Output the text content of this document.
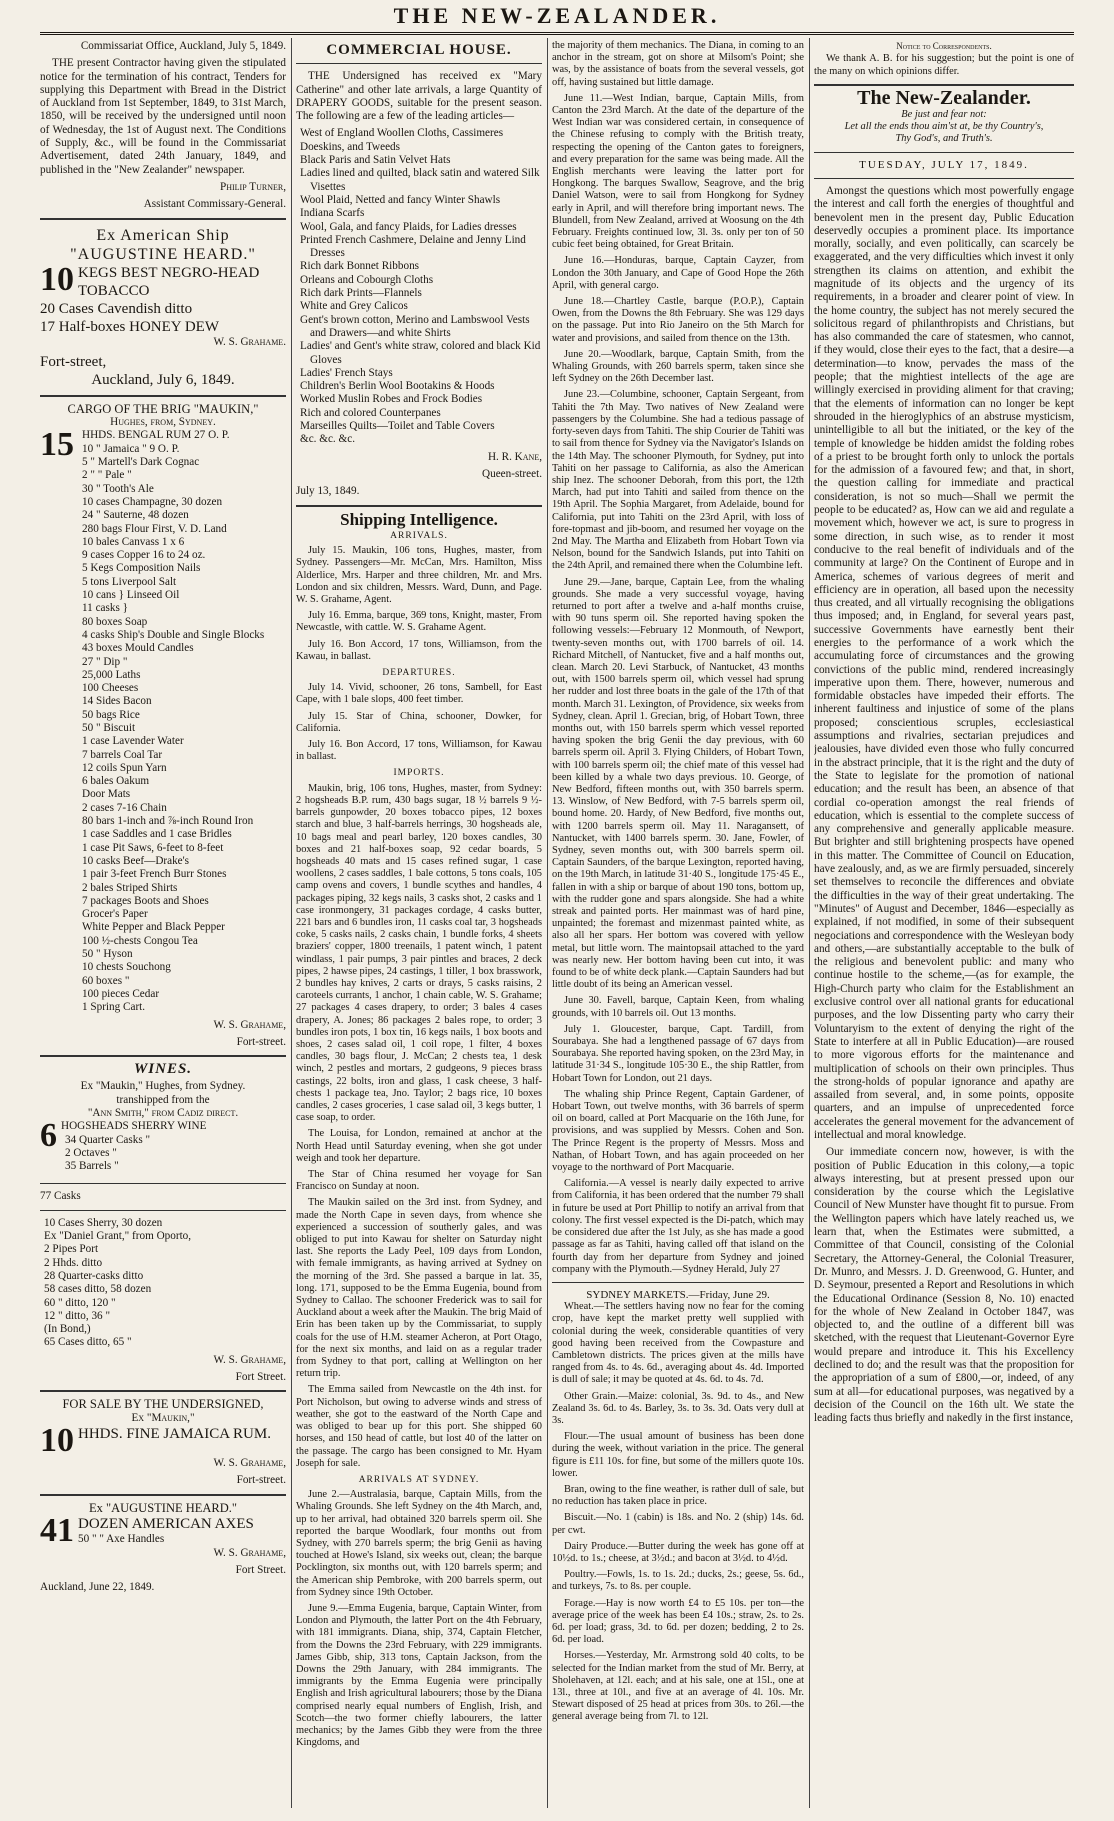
THE NEW-ZEALANDER.

Commissariat Office, Auckland, July 5, 1849.

THE present Contractor having given the stipulated notice for the termination of his contract, Tenders for supplying this Department with Bread in the District of Auckland from 1st September, 1849, to 31st March, 1850, will be received by the undersigned until noon of Wednesday, the 1st of August next. The Conditions of Supply, &c., will be found in the Commissariat Advertisement, dated 24th January, 1849, and published in the "New Zealander" newspaper.

Philip Turner,

Assistant Commissary-General.

Ex American Ship
"AUGUSTINE HEARD."
10 KEGS BEST NEGRO-HEAD TOBACCO
20 Cases Cavendish ditto
17 Half-boxes HONEY DEW

W. S. Grahame.

Fort-street,
Auckland, July 6, 1849.
CARGO OF THE BRIG "MAUKIN,"
Hughes, from, Sydney.
15 HHDS. BENGAL RUM 27 O. P.
10 " Jamaica " 9 O. P.
5 " Martell's Dark Cognac
2 " " Pale "
30 " Tooth's Ale
10 cases Champagne, 30 dozen
24 " Sauterne, 48 dozen
280 bags Flour First, V. D. Land
10 bales Canvass 1 x 6
9 cases Copper 16 to 24 oz.
5 Kegs Composition Nails
5 tons Liverpool Salt
10 cans } Linseed Oil
11 casks }
80 boxes Soap
4 casks Ship's Double and Single Blocks
43 boxes Mould Candles
27 " Dip "
25,000 Laths
100 Cheeses
14 Sides Bacon
50 bags Rice
50 " Biscuit
1 case Lavender Water
7 barrels Coal Tar
12 coils Spun Yarn
6 bales Oakum
Door Mats
2 cases 7-16 Chain
80 bars 1-inch and ⅞-inch Round Iron
1 case Saddles and 1 case Bridles
1 case Pit Saws, 6-feet to 8-feet
10 casks Beef—Drake's
1 pair 3-feet French Burr Stones
2 bales Striped Shirts
7 packages Boots and Shoes
Grocer's Paper
White Pepper and Black Pepper
100 ½-chests Congou Tea
50 " Hyson
10 chests Souchong
60 boxes "
100 pieces Cedar
1 Spring Cart.

W. S. Grahame,

Fort-street.

WINES.
Ex "Maukin," Hughes, from Sydney.
transhipped from the
"Ann Smith," from Cadiz direct.
6 HOGSHEADS SHERRY WINE
34 Quarter Casks "
2 Octaves "
35 Barrels "
77 Casks
10 Cases Sherry, 30 dozen
Ex "Daniel Grant," from Oporto,
2 Pipes Port
2 Hhds. ditto
28 Quarter-casks ditto
58 cases ditto, 58 dozen
60 " ditto, 120 "
12 " ditto, 36 "
(In Bond,)
65 Cases ditto, 65 "

W. S. Grahame,

Fort Street.

FOR SALE BY THE UNDERSIGNED,
Ex "Maukin,"
10 HHDS. FINE JAMAICA RUM.

W. S. Grahame,

Fort-street.

Ex "AUGUSTINE HEARD."
41 DOZEN AMERICAN AXES
50 " " Axe Handles

W. S. Grahame,

Fort Street.

Auckland, June 22, 1849.

COMMERCIAL HOUSE.

THE Undersigned has received ex "Mary Catherine" and other late arrivals, a large Quantity of DRAPERY GOODS, suitable for the present season. The following are a few of the leading articles—

West of England Woollen Cloths, Cassimeres
Doeskins, and Tweeds
Black Paris and Satin Velvet Hats
Ladies lined and quilted, black satin and watered Silk Visettes
Wool Plaid, Netted and fancy Winter Shawls
Indiana Scarfs
Wool, Gala, and fancy Plaids, for Ladies dresses
Printed French Cashmere, Delaine and Jenny Lind Dresses
Rich dark Bonnet Ribbons
Orleans and Cobourgh Cloths
Rich dark Prints—Flannels
White and Grey Calicos
Gent's brown cotton, Merino and Lambswool Vests and Drawers—and white Shirts
Ladies' and Gent's white straw, colored and black Kid Gloves
Ladies' French Stays
Children's Berlin Wool Bootakins & Hoods
Worked Muslin Robes and Frock Bodies
Rich and colored Counterpanes
Marseilles Quilts—Toilet and Table Covers
&c. &c. &c.

H. R. Kane,

Queen-street.

July 13, 1849.

Shipping Intelligence.
ARRIVALS.

July 15. Maukin, 106 tons, Hughes, master, from Sydney. Passengers—Mr. McCan, Mrs. Hamilton, Miss Alderlice, Mrs. Harper and three children, Mr. and Mrs. London and six children, Messrs. Ward, Dunn, and Page. W. S. Grahame, Agent.

July 16. Emma, barque, 369 tons, Knight, master, From Newcastle, with cattle. W. S. Grahame Agent.

July 16. Bon Accord, 17 tons, Williamson, from the Kawau, in ballast.

DEPARTURES.

July 14. Vivid, schooner, 26 tons, Sambell, for East Cape, with 1 bale slops, 400 feet timber.

July 15. Star of China, schooner, Dowker, for California.

July 16. Bon Accord, 17 tons, Williamson, for Kawau in ballast.

IMPORTS.

Maukin, brig, 106 tons, Hughes, master, from Sydney: 2 hogsheads B.P. rum, 430 bags sugar, 18 ½ barrels 9 ½-barrels gunpowder, 20 boxes tobacco pipes, 12 boxes starch and blue, 3 half-barrels herrings, 30 hogsheads ale, 10 bags meal and pearl barley, 120 boxes candles, 30 boxes and 21 half-boxes soap, 92 cedar boards, 5 hogsheads 40 mats and 15 cases refined sugar, 1 case woollens, 2 cases saddles, 1 bale cottons, 5 tons coals, 105 camp ovens and covers, 1 bundle scythes and handles, 4 packages piping, 32 kegs nails, 3 casks shot, 2 casks and 1 case ironmongery, 31 packages cordage, 4 casks butter, 221 bars and 6 bundles iron, 11 casks coal tar, 3 hogsheads coke, 5 casks nails, 2 casks chain, 1 bundle forks, 4 sheets braziers' copper, 1800 treenails, 1 patent winch, 1 patent windlass, 1 pair pumps, 3 pair pintles and braces, 2 deck pipes, 2 hawse pipes, 24 castings, 1 tiller, 1 box brasswork, 2 bundles hay knives, 2 carts or drays, 5 casks raisins, 2 caroteels currants, 1 anchor, 1 chain cable, W. S. Grahame; 27 packages 4 cases drapery, to order; 3 bales 4 cases drapery, A. Jones; 86 packages 2 bales rope, to order; 3 bundles iron pots, 1 box tin, 16 kegs nails, 1 box boots and shoes, 2 cases salad oil, 1 coil rope, 1 filter, 4 boxes candles, 30 bags flour, J. McCan; 2 chests tea, 1 desk winch, 2 pestles and mortars, 2 gudgeons, 9 pieces brass castings, 22 bolts, iron and glass, 1 cask cheese, 3 half-chests 1 package tea, Jno. Taylor; 2 bags rice, 10 boxes candles, 2 cases groceries, 1 case salad oil, 3 kegs butter, 1 case soap, to order.

The Louisa, for London, remained at anchor at the North Head until Saturday evening, when she got under weigh and took her departure.

The Star of China resumed her voyage for San Francisco on Sunday at noon.

The Maukin sailed on the 3rd inst. from Sydney, and made the North Cape in seven days, from whence she experienced a succession of southerly gales, and was obliged to put into Kawau for shelter on Saturday night last. She reports the Lady Peel, 109 days from London, with female immigrants, as having arrived at Sydney on the morning of the 3rd. She passed a barque in lat. 35, long. 171, supposed to be the Emma Eugenia, bound from Sydney to Callao. The schooner Frederick was to sail for Auckland about a week after the Maukin. The brig Maid of Erin has been taken up by the Commissariat, to supply coals for the use of H.M. steamer Acheron, at Port Otago, for the next six months, and laid on as a regular trader from Sydney to that port, calling at Wellington on her return trip.

The Emma sailed from Newcastle on the 4th inst. for Port Nicholson, but owing to adverse winds and stress of weather, she got to the eastward of the North Cape and was obliged to bear up for this port. She shipped 60 horses, and 150 head of cattle, but lost 40 of the latter on the passage. The cargo has been consigned to Mr. Hyam Joseph for sale.

ARRIVALS AT SYDNEY.

June 2.—Australasia, barque, Captain Mills, from the Whaling Grounds. She left Sydney on the 4th March, and, up to her arrival, had obtained 320 barrels sperm oil. She reported the barque Woodlark, four months out from Sydney, with 270 barrels sperm; the brig Genii as having touched at Howe's Island, six weeks out, clean; the barque Pocklington, six months out, with 120 barrels sperm; and the American ship Pembroke, with 200 barrels sperm, out from Sydney since 19th October.

June 9.—Emma Eugenia, barque, Captain Winter, from London and Plymouth, the latter Port on the 4th February, with 181 immigrants. Diana, ship, 374, Captain Fletcher, from the Downs the 23rd February, with 229 immigrants. James Gibb, ship, 313 tons, Captain Jackson, from the Downs the 29th January, with 284 immigrants. The immigrants by the Emma Eugenia were principally English and Irish agricultural labourers; those by the Diana comprised nearly equal numbers of English, Irish, and Scotch—the two former chiefly labourers, the latter mechanics; by the James Gibb they were from the three Kingdoms, and

the majority of them mechanics. The Diana, in coming to an anchor in the stream, got on shore at Milsom's Point; she was, by the assistance of boats from the several vessels, got off, having sustained but little damage.

June 11.—West Indian, barque, Captain Mills, from Canton the 23rd March. At the date of the departure of the West Indian war was considered certain, in consequence of the Chinese refusing to comply with the British treaty, respecting the opening of the Canton gates to foreigners, and every preparation for the same was being made. All the English merchants were leaving the latter port for Hongkong. The barques Swallow, Seagrove, and the brig Daniel Watson, were to sail from Hongkong for Sydney early in April, and will therefore bring important news. The Blundell, from New Zealand, arrived at Woosung on the 4th February. Freights continued low, 3l. 3s. only per ton of 50 cubic feet being obtained, for Great Britain.

June 16.—Honduras, barque, Captain Cayzer, from London the 30th January, and Cape of Good Hope the 26th April, with general cargo.

June 18.—Chartley Castle, barque (P.O.P.), Captain Owen, from the Downs the 8th February. She was 129 days on the passage. Put into Rio Janeiro on the 5th March for water and provisions, and sailed from thence on the 13th.

June 20.—Woodlark, barque, Captain Smith, from the Whaling Grounds, with 260 barrels sperm, taken since she left Sydney on the 26th December last.

June 23.—Columbine, schooner, Captain Sergeant, from Tahiti the 7th May. Two natives of New Zealand were passengers by the Columbine. She had a tedious passage of forty-seven days from Tahiti. The ship Courier de Tahiti was to sail from thence for Sydney via the Navigator's Islands on the 14th May. The schooner Plymouth, for Sydney, put into Tahiti on her passage to California, as also the American ship Inez. The schooner Deborah, from this port, the 12th March, had put into Tahiti and sailed from thence on the 19th April. The Sophia Margaret, from Adelaide, bound for California, put into Tahiti on the 23rd April, with loss of fore-topmast and jib-boom, and resumed her voyage on the 2nd May. The Martha and Elizabeth from Hobart Town via Nelson, bound for the Sandwich Islands, put into Tahiti on the 24th April, and remained there when the Columbine left.

June 29.—Jane, barque, Captain Lee, from the whaling grounds. She made a very successful voyage, having returned to port after a twelve and a-half months cruise, with 90 tuns sperm oil. She reported having spoken the following vessels:—February 12 Monmouth, of Newport, twenty-seven months out, with 1700 barrels of oil. 14. Richard Mitchell, of Nantucket, five and a half months out, clean. March 20. Levi Starbuck, of Nantucket, 43 months out, with 1500 barrels sperm oil, which vessel had sprung her rudder and lost three boats in the gale of the 17th of that month. March 31. Lexington, of Providence, six weeks from Sydney, clean. April 1. Grecian, brig, of Hobart Town, three months out, with 150 barrels sperm which vessel reported having spoken the brig Genii the day previous, with 60 barrels sperm oil. April 3. Flying Childers, of Hobart Town, with 100 barrels sperm oil; the chief mate of this vessel had been killed by a whale two days previous. 10. George, of New Bedford, fifteen months out, with 350 barrels sperm. 13. Winslow, of New Bedford, with 7-5 barrels sperm oil, bound home. 20. Hardy, of New Bedford, five months out, with 1200 barrels sperm oil. May 11. Naragansett, of Nantucket, with 1400 barrels sperm. 30. Jane, Fowler, of Sydney, seven months out, with 300 barrels sperm oil. Captain Saunders, of the barque Lexington, reported having, on the 19th March, in latitude 31·40 S., longitude 175·45 E., fallen in with a ship or barque of about 190 tons, bottom up, with the rudder gone and spars alongside. She had a white streak and painted ports. Her mainmast was of hard pine, unpainted; the foremast and mizenmast painted white, as also all her spars. Her bottom was covered with yellow metal, but little worn. The maintopsail attached to the yard was nearly new. Her bottom having been cut into, it was found to be of white deck plank.—Captain Saunders had but little doubt of its being an American vessel.

June 30. Favell, barque, Captain Keen, from whaling grounds, with 10 barrels oil. Out 13 months.

July 1. Gloucester, barque, Capt. Tardill, from Sourabaya. She had a lengthened passage of 67 days from Sourabaya. She reported having spoken, on the 23rd May, in latitude 31·34 S., longitude 105·30 E., the ship Rattler, from Hobart Town for London, out 21 days.

The whaling ship Prince Regent, Captain Gardener, of Hobart Town, out twelve months, with 36 barrels of sperm oil on board, called at Port Macquarie on the 16th June, for provisions, and was supplied by Messrs. Cohen and Son. The Prince Regent is the property of Messrs. Moss and Nathan, of Hobart Town, and has again proceeded on her voyage to the northward of Port Macquarie.

California.—A vessel is nearly daily expected to arrive from California, it has been ordered that the number 79 shall in future be used at Port Phillip to notify an arrival from that colony. The first vessel expected is the Di-patch, which may be considered due after the 1st July, as she has made a good passage as far as Tahiti, having called off that island on the fourth day from her departure from Sydney and joined company with the Plymouth.—Sydney Herald, July 27

SYDNEY MARKETS.—Friday, June 29.

Wheat.—The settlers having now no fear for the coming crop, have kept the market pretty well supplied with colonial during the week, considerable quantities of very good having been received from the Cowpasture and Cambletown districts. The prices given at the mills have ranged from 4s. to 4s. 6d., averaging about 4s. 4d. Imported is dull of sale; it may be quoted at 4s. 6d. to 4s. 7d.

Other Grain.—Maize: colonial, 3s. 9d. to 4s., and New Zealand 3s. 6d. to 4s. Barley, 3s. to 3s. 3d. Oats very dull at 3s.

Flour.—The usual amount of business has been done during the week, without variation in the price. The general figure is £11 10s. for fine, but some of the millers quote 10s. lower.

Bran, owing to the fine weather, is rather dull of sale, but no reduction has taken place in price.

Biscuit.—No. 1 (cabin) is 18s. and No. 2 (ship) 14s. 6d. per cwt.

Dairy Produce.—Butter during the week has gone off at 10½d. to 1s.; cheese, at 3½d.; and bacon at 3½d. to 4½d.

Poultry.—Fowls, 1s. to 1s. 2d.; ducks, 2s.; geese, 5s. 6d., and turkeys, 7s. to 8s. per couple.

Forage.—Hay is now worth £4 to £5 10s. per ton—the average price of the week has been £4 10s.; straw, 2s. to 2s. 6d. per load; grass, 3d. to 6d. per dozen; bedding, 2 to 2s. 6d. per load.

Horses.—Yesterday, Mr. Armstrong sold 40 colts, to be selected for the Indian market from the stud of Mr. Berry, at Sholehaven, at 12l. each; and at his sale, one at 15l., one at 13l., three at 10l., and five at an average of 4l. 10s. Mr. Stewart disposed of 25 head at prices from 30s. to 26l.—the general average being from 7l. to 12l.

Notice to Correspondents.

We thank A. B. for his suggestion; but the point is one of the many on which opinions differ.

The New-Zealander.
Be just and fear not:
Let all the ends thou aim'st at, be thy Country's,
Thy God's, and Truth's.
TUESDAY, JULY 17, 1849.

Amongst the questions which most powerfully engage the interest and call forth the energies of thoughtful and benevolent men in the present day, Public Education deservedly occupies a prominent place. Its importance morally, socially, and even politically, can scarcely be exaggerated, and the very difficulties which invest it only strengthen its claims on attention, and exhibit the magnitude of its objects and the urgency of its requirements, in a broader and clearer point of view. In the home country, the subject has not merely secured the solicitous regard of philanthropists and Christians, but has also commanded the care of statesmen, who cannot, if they would, close their eyes to the fact, that a desire—a determination—to know, pervades the mass of the people; that the mightiest intellects of the age are willingly exercised in providing aliment for that craving; that the elements of information can no longer be kept shrouded in the hieroglyphics of an abstruse mysticism, unintelligible to all but the initiated, or the key of the temple of knowledge be hidden amidst the folding robes of a priest to be brought forth only to unlock the portals for the admission of a favoured few; and that, in short, the question calling for immediate and practical consideration, is not so much—Shall we permit the people to be educated? as, How can we aid and regulate a movement which, however we act, is sure to progress in some direction, in such wise, as to render it most conducive to the real benefit of individuals and of the community at large? On the Continent of Europe and in America, schemes of various degrees of merit and efficiency are in operation, all based upon the necessity thus created, and all virtually recognising the obligations thus imposed; and, in England, for several years past, successive Governments have earnestly bent their energies to the performance of a work which the accumulating force of circumstances and the growing convictions of the public mind, rendered increasingly imperative upon them. There, however, numerous and formidable obstacles have impeded their efforts. The inherent faultiness and injustice of some of the plans proposed; conscientious scruples, ecclesiastical assumptions and rivalries, sectarian prejudices and jealousies, have divided even those who fully concurred in the abstract principle, that it is the right and the duty of the State to legislate for the promotion of national education; and the result has been, an absence of that cordial co-operation amongst the real friends of education, which is essential to the complete success of any comprehensive and generally applicable measure. But brighter and still brightening prospects have opened in this matter. The Committee of Council on Education, have zealously, and, as we are firmly persuaded, sincerely set themselves to reconcile the differences and obviate the difficulties in the way of their great undertaking. The "Minutes" of August and December, 1846—especially as explained, if not modified, in some of their subsequent negociations and correspondence with the Wesleyan body and others,—are substantially acceptable to the bulk of the religious and benevolent public: and many who continue hostile to the scheme,—(as for example, the High-Church party who claim for the Establishment an exclusive control over all national grants for educational purposes, and the low Dissenting party who carry their Voluntaryism to the extent of denying the right of the State to interfere at all in Public Education)—are roused to more vigorous efforts for the maintenance and multiplication of schools on their own principles. Thus the strong-holds of popular ignorance and apathy are assailed from several, and, in some points, opposite quarters, and an impulse of unprecedented force accelerates the general movement for the advancement of intellectual and moral knowledge.

Our immediate concern now, however, is with the position of Public Education in this colony,—a topic always interesting, but at present pressed upon our consideration by the course which the Legislative Council of New Munster have thought fit to pursue. From the Wellington papers which have lately reached us, we learn that, when the Estimates were submitted, a Committee of that Council, consisting of the Colonial Secretary, the Attorney-General, the Colonial Treasurer, Dr. Munro, and Messrs. J. D. Greenwood, G. Hunter, and D. Seymour, presented a Report and Resolutions in which the Educational Ordinance (Session 8, No. 10) enacted for the whole of New Zealand in October 1847, was objected to, and the outline of a different bill was sketched, with the request that Lieutenant-Governor Eyre would prepare and introduce it. This his Excellency declined to do; and the result was that the proposition for the appropriation of a sum of £800,—or, indeed, of any sum at all—for educational purposes, was negatived by a decision of the Council on the 16th ult. We state the leading facts thus briefly and nakedly in the first instance,
